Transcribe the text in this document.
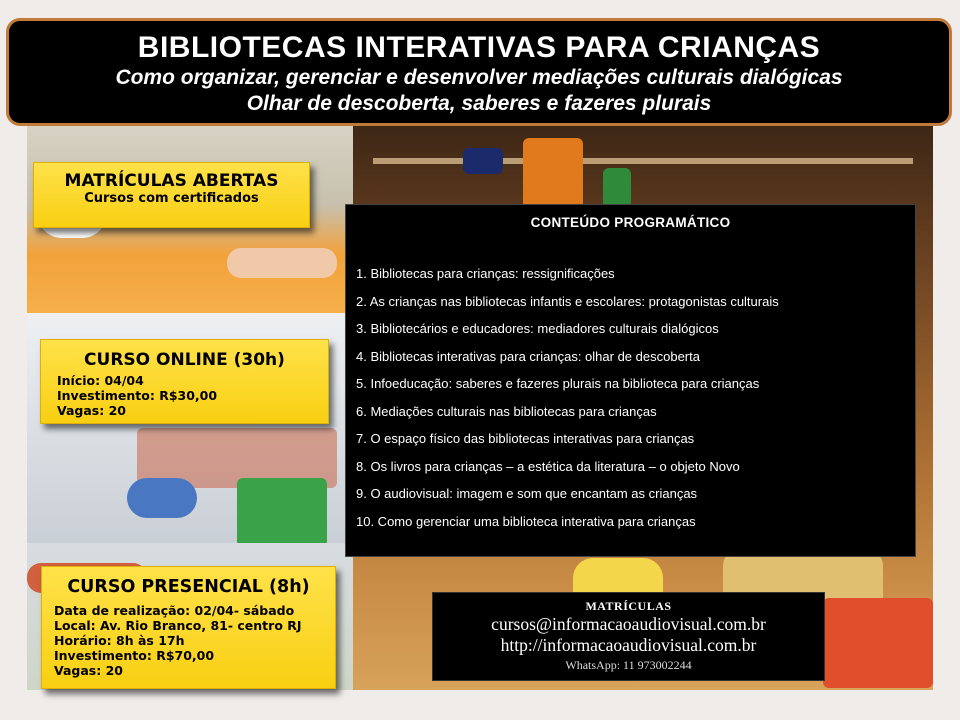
BIBLIOTECAS INTERATIVAS PARA CRIANÇAS
Como organizar, gerenciar e desenvolver mediações culturais dialógicas
Olhar de descoberta, saberes e fazeres plurais
MATRÍCULAS ABERTAS
Cursos com certificados
CURSO ONLINE (30h)
Início: 04/04
Investimento: R$30,00
Vagas: 20
CONTEÚDO PROGRAMÁTICO
1. Bibliotecas para crianças: ressignificações
2. As crianças nas bibliotecas infantis e escolares: protagonistas culturais
3. Bibliotecários e educadores: mediadores culturais dialógicos
4. Bibliotecas interativas para crianças: olhar de descoberta
5. Infoeducação: saberes e fazeres plurais na biblioteca para crianças
6. Mediações culturais nas bibliotecas para crianças
7. O espaço físico das bibliotecas interativas para crianças
8. Os livros para crianças – a estética da literatura – o objeto Novo
9. O audiovisual: imagem e som que encantam as crianças
10. Como gerenciar uma biblioteca interativa para crianças
CURSO PRESENCIAL (8h)
Data de realização: 02/04- sábado
Local: Av. Rio Branco, 81- centro RJ
Horário: 8h às 17h
Investimento: R$70,00
Vagas: 20
MATRÍCULAS
cursos@informacaoaudiovisual.com.br
http://informacaoaudiovisual.com.br
WhatsApp: 11 973002244
